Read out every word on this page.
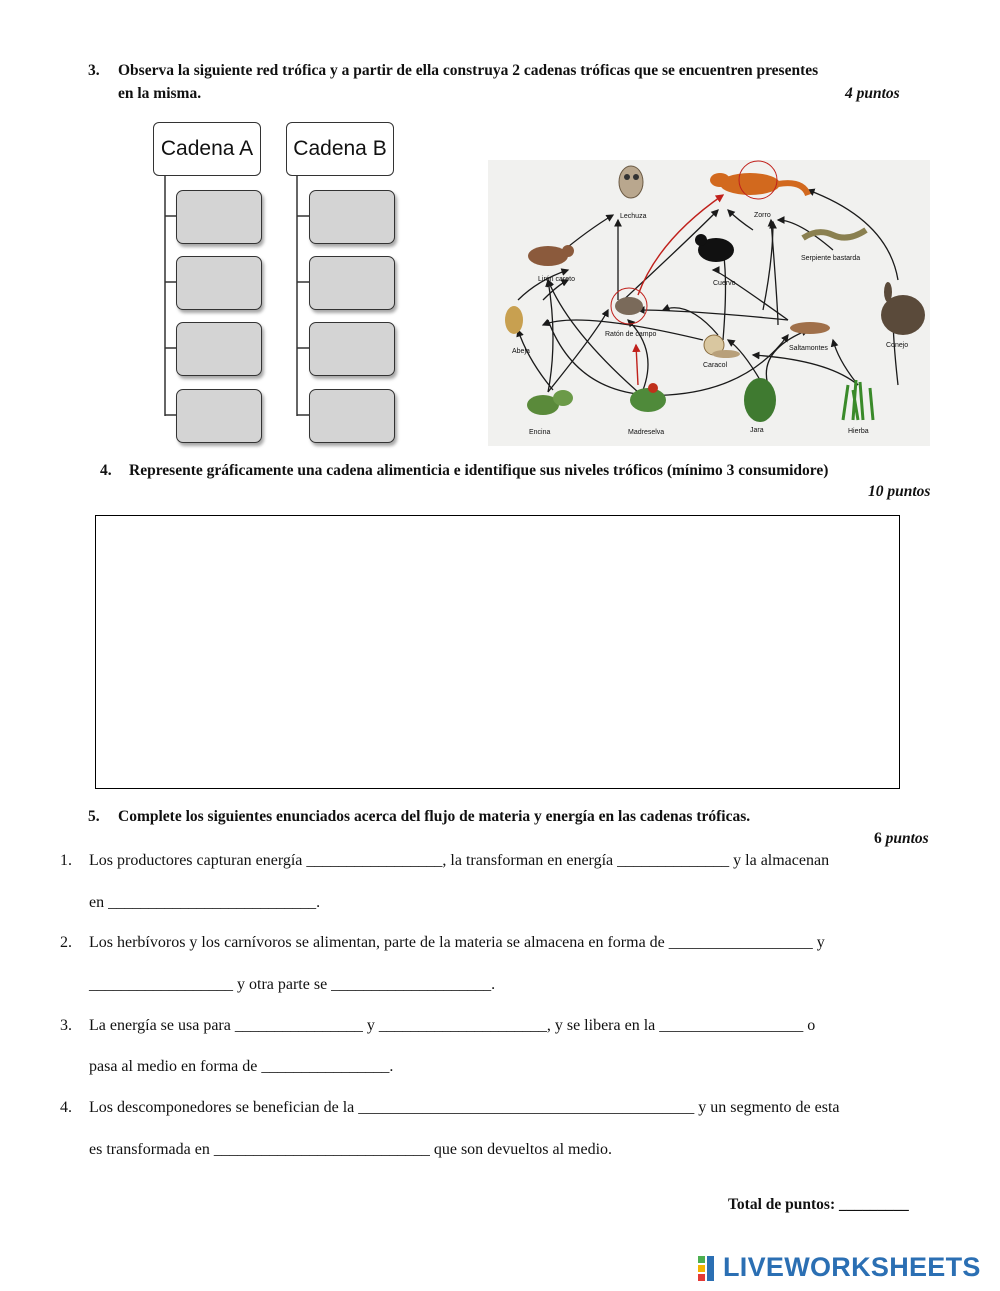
3. Observa la siguiente red trófica y a partir de ella construya 2 cadenas tróficas que se encuentren presentes
en la misma.	4 puntos
Cadena A	Cadena B
Lechuza	Zorro
Serpiente bastarda
Lirón careto
Cuervo
Ratón de campo
Abeja
Caracol
Saltamontes	Conejo
Encina	Madreselva	Jara	Hierba
4. Represente gráficamente una cadena alimenticia e identifique sus niveles tróficos (mínimo 3 consumidore)
10 puntos
5. Complete los siguientes enunciados acerca del flujo de materia y energía en las cadenas tróficas.
6 puntos
1. Los productores capturan energía _________________, la transforman en energía ______________ y la almacenan
en __________________________.
2. Los herbívoros y los carnívoros se alimentan, parte de la materia se almacena en forma de __________________ y
__________________ y otra parte se ____________________.
3. La energía se usa para ________________ y _____________________, y se libera en la __________________ o
pasa al medio en forma de ________________.
4. Los descomponedores se benefician de la __________________________________________ y un segmento de esta
es transformada en ___________________________ que son devueltos al medio.
Total de puntos: _________
LIVEWORKSHEETS
